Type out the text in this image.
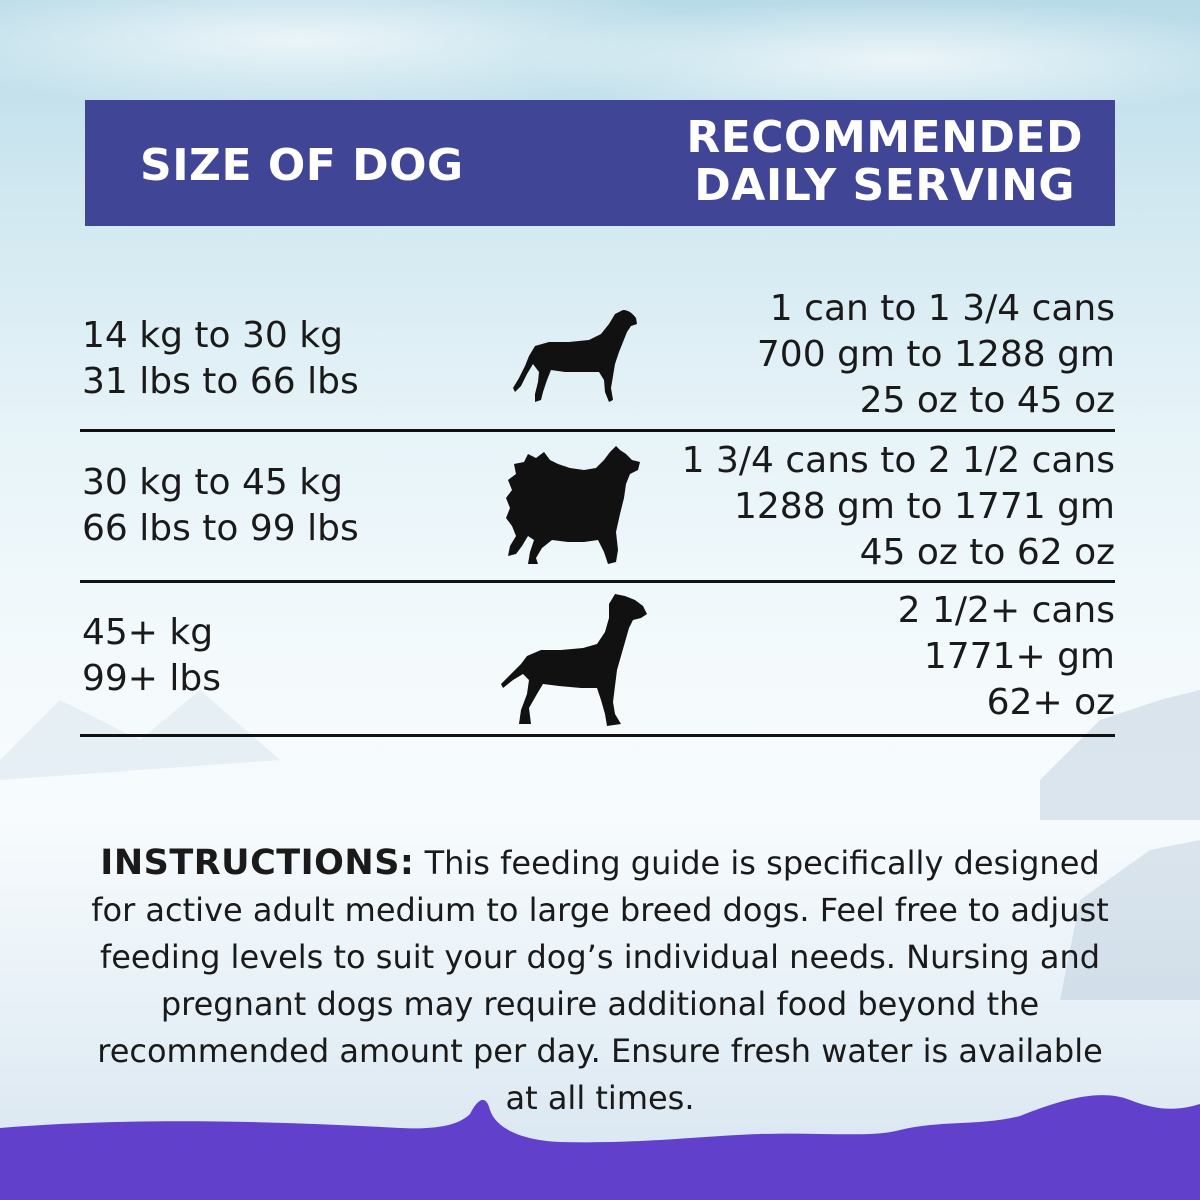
SIZE OF DOG
RECOMMENDED
DAILY SERVING
14 kg to 30 kg
31 lbs to 66 lbs
1 can to 1 3/4 cans
700 gm to 1288 gm
25 oz to 45 oz
30 kg to 45 kg
66 lbs to 99 lbs
1 3/4 cans to 2 1/2 cans
1288 gm to 1771 gm
45 oz to 62 oz
45+ kg
99+ lbs
2 1/2+ cans
1771+ gm
62+ oz
INSTRUCTIONS: This feeding guide is specifically designed for active adult medium to large breed dogs. Feel free to adjust feeding levels to suit your dog’s individual needs. Nursing and pregnant dogs may require additional food beyond the recommended amount per day. Ensure fresh water is available at all times.
